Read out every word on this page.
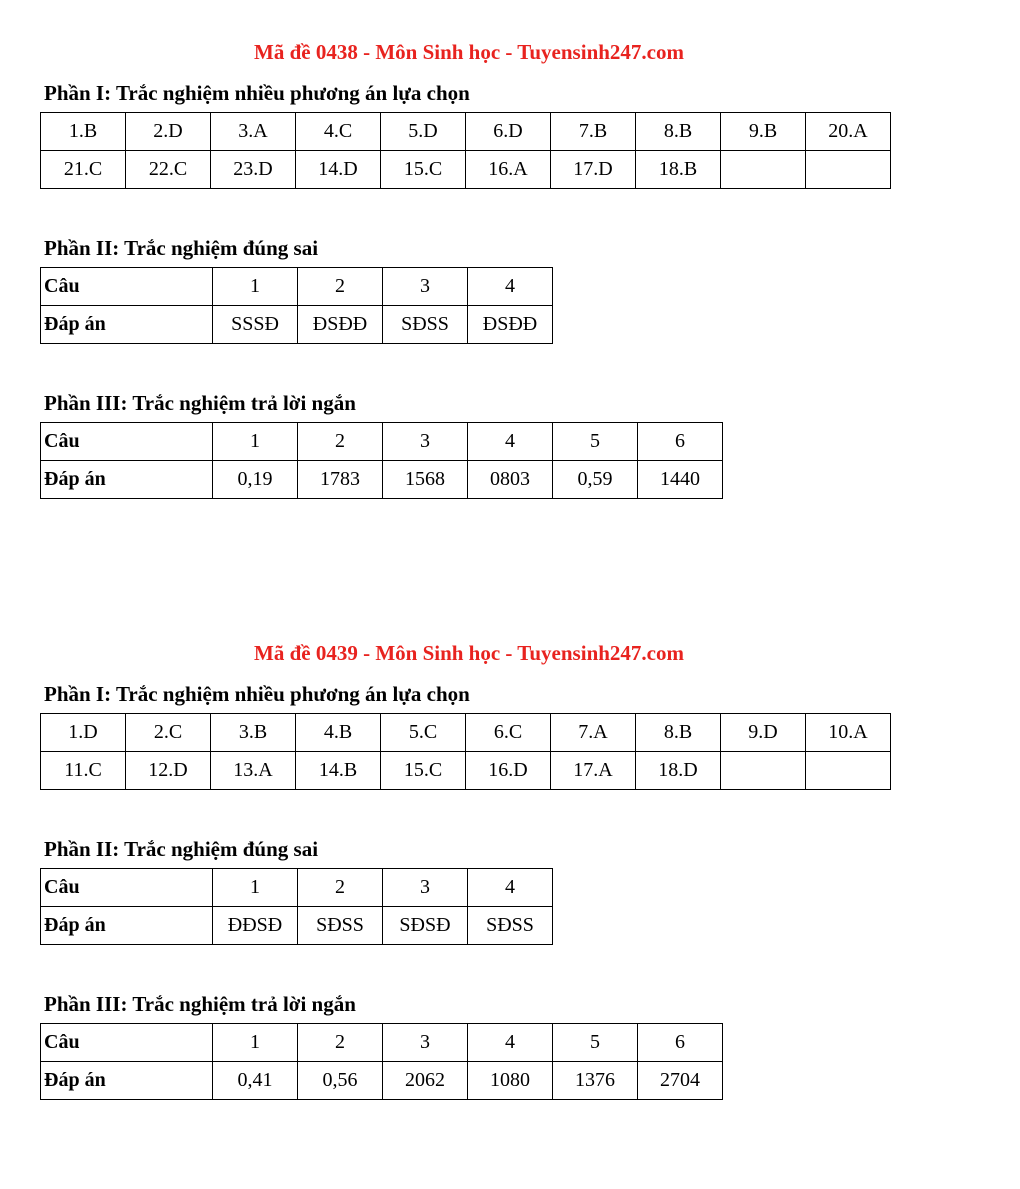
Mã đề 0438 - Môn Sinh học - Tuyensinh247.com
Phần I: Trắc nghiệm nhiều phương án lựa chọn
1.B	2.D	3.A	4.C	5.D	6.D	7.B	8.B	9.B	20.A
21.C	22.C	23.D	14.D	15.C	16.A	17.D	18.B		
Phần II: Trắc nghiệm đúng sai
Câu	1	2	3	4
Đáp án	SSSĐ	ĐSĐĐ	SĐSS	ĐSĐĐ
Phần III: Trắc nghiệm trả lời ngắn
Câu	1	2	3	4	5	6
Đáp án	0,19	1783	1568	0803	0,59	1440
Mã đề 0439 - Môn Sinh học - Tuyensinh247.com
Phần I: Trắc nghiệm nhiều phương án lựa chọn
1.D	2.C	3.B	4.B	5.C	6.C	7.A	8.B	9.D	10.A
11.C	12.D	13.A	14.B	15.C	16.D	17.A	18.D		
Phần II: Trắc nghiệm đúng sai
Câu	1	2	3	4
Đáp án	ĐĐSĐ	SĐSS	SĐSĐ	SĐSS
Phần III: Trắc nghiệm trả lời ngắn
Câu	1	2	3	4	5	6
Đáp án	0,41	0,56	2062	1080	1376	2704
